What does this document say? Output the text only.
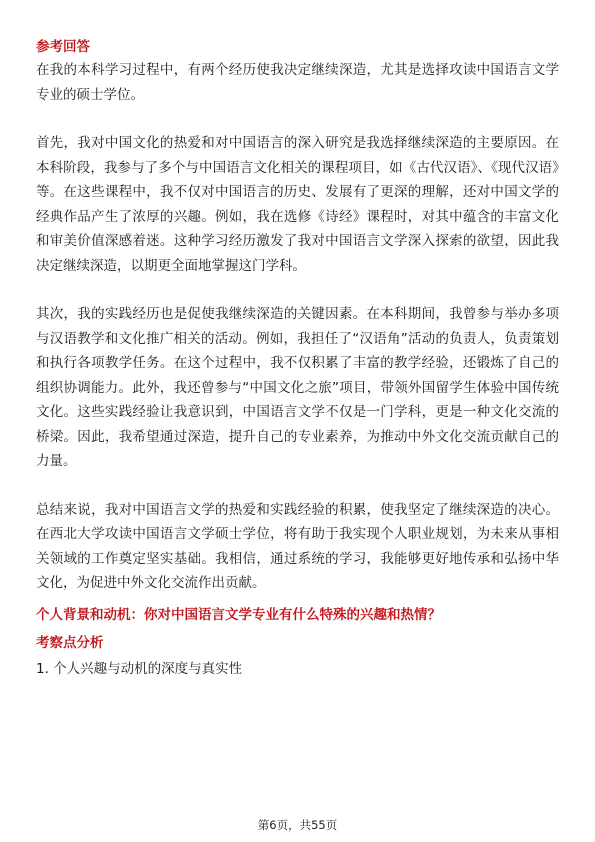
参考回答

在我的本科学习过程中，有两个经历使我决定继续深造，尤其是选择攻读中国语言文学专业的硕士学位。

首先，我对中国文化的热爱和对中国语言的深入研究是我选择继续深造的主要原因。在本科阶段，我参与了多个与中国语言文化相关的课程项目，如《古代汉语》、《现代汉语》等。在这些课程中，我不仅对中国语言的历史、发展有了更深的理解，还对中国文学的经典作品产生了浓厚的兴趣。例如，我在选修《诗经》课程时，对其中蕴含的丰富文化和审美价值深感着迷。这种学习经历激发了我对中国语言文学深入探索的欲望，因此我决定继续深造，以期更全面地掌握这门学科。

其次，我的实践经历也是促使我继续深造的关键因素。在本科期间，我曾参与举办多项与汉语教学和文化推广相关的活动。例如，我担任了“汉语角”活动的负责人，负责策划和执行各项教学任务。在这个过程中，我不仅积累了丰富的教学经验，还锻炼了自己的组织协调能力。此外，我还曾参与“中国文化之旅”项目，带领外国留学生体验中国传统文化。这些实践经验让我意识到，中国语言文学不仅是一门学科，更是一种文化交流的桥梁。因此，我希望通过深造，提升自己的专业素养，为推动中外文化交流贡献自己的力量。

总结来说，我对中国语言文学的热爱和实践经验的积累，使我坚定了继续深造的决心。在西北大学攻读中国语言文学硕士学位，将有助于我实现个人职业规划，为未来从事相关领域的工作奠定坚实基础。我相信，通过系统的学习，我能够更好地传承和弘扬中华文化，为促进中外文化交流作出贡献。

个人背景和动机：你对中国语言文学专业有什么特殊的兴趣和热情？

考察点分析

1. 个人兴趣与动机的深度与真实性
第6页，共55页
